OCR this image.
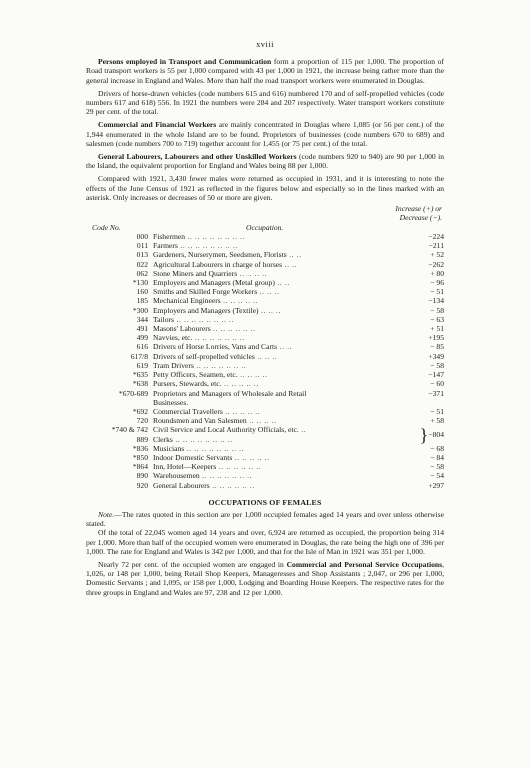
xviii

Persons employed in Transport and Communication form a proportion of 115 per 1,000. The proportion of Road transport workers is 55 per 1,000 compared with 43 per 1,000 in 1921, the increase being rather more than the general increase in England and Wales. More than half the road transport workers were enumerated in Douglas.

Drivers of horse-drawn vehicles (code numbers 615 and 616) numbered 170 and of self-propelled vehicles (code numbers 617 and 618) 556. In 1921 the numbers were 284 and 207 respectively. Water transport workers constitute 29 per cent. of the total.

Commercial and Financial Workers are mainly concentrated in Douglas where 1,085 (or 56 per cent.) of the 1,944 enumerated in the whole Island are to be found. Proprietors of businesses (code numbers 670 to 689) and salesmen (code numbers 700 to 719) together account for 1,455 (or 75 per cent.) of the total.

General Labourers, Labourers and other Unskilled Workers (code numbers 920 to 940) are 90 per 1,000 in the Island, the equivalent proportion for England and Wales being 88 per 1,000.

Compared with 1921, 3,430 fewer males were returned as occupied in 1931, and it is interesting to note the effects of the June Census of 1921 as reflected in the figures below and especially so in the lines marked with an asterisk. Only increases or decreases of 50 or more are given.

Increase (+) or
Decrease (−).
Code No.	Occupation.
000	Fishermen .. .. .. .. .. .. .. ..	−224
011	Farmers .. .. .. .. .. .. .. ..	−211
013	Gardeners, Nurserymen, Seedsmen, Florists .. ..	+ 52
022	Agricultural Labourers in charge of horses .. ..	−262
062	Stone Miners and Quarriers .. .. .. ..	+ 80
*130	Employers and Managers (Metal group) .. ..	− 96
160	Smiths and Skilled Forge Workers .. .. ..	− 51
185	Mechanical Engineers .. .. .. .. ..	−134
*300	Employers and Managers (Textile) .. .. ..	− 58
344	Tailors .. .. .. .. .. .. .. ..	− 63
491	Masons' Labourers .. .. .. .. .. ..	+ 51
499	Navvies, etc. .. .. .. .. .. .. ..	+195
616	Drivers of Horse Lorries, Vans and Carts .. ..	− 85
617/8	Drivers of self-propelled vehicles .. .. ..	+349
619	Tram Drivers .. .. .. .. .. .. ..	− 58
*635	Petty Officers, Seamen, etc. .. .. .. ..	−147
*638	Pursers, Stewards, etc. .. .. .. .. ..	− 60
*670-689	Proprietors and Managers of Wholesale and Retail	−371
	Businesses.	
*692	Commercial Travellers .. .. .. .. ..	− 51
720	Roundsmen and Van Salesmen .. .. .. ..	+ 58
*740 & 742	Civil Service and Local Authority Officials, etc. ..	}−804
889	Clerks .. .. .. .. .. .. .. ..	
*836	Musicians .. .. .. .. .. .. .. ..	− 68
*850	Indoor Domestic Servants .. .. .. .. ..	− 84
*864	Inn, Hotel—Keepers .. .. .. .. .. ..	− 58
890	Warehousemen .. .. .. .. .. .. ..	− 54
920	General Labourers .. .. .. .. .. ..	+297
OCCUPATIONS OF FEMALES

Note.—The rates quoted in this section are per 1,000 occupied females aged 14 years and over unless otherwise stated.

Of the total of 22,045 women aged 14 years and over, 6,924 are returned as occupied, the proportion being 314 per 1,000. More than half of the occupied women were enumerated in Douglas, the rate being the high one of 396 per 1,000. The rate for England and Wales is 342 per 1,000, and that for the Isle of Man in 1921 was 351 per 1,000.

Nearly 72 per cent. of the occupied women are engaged in Commercial and Personal Service Occupations, 1,026, or 148 per 1,000, being Retail Shop Keepers, Manageresses and Shop Assistants ; 2,047, or 296 per 1,000, Domestic Servants ; and 1,095, or 158 per 1,000, Lodging and Boarding House Keepers. The respective rates for the three groups in England and Wales are 97, 238 and 12 per 1,000.
